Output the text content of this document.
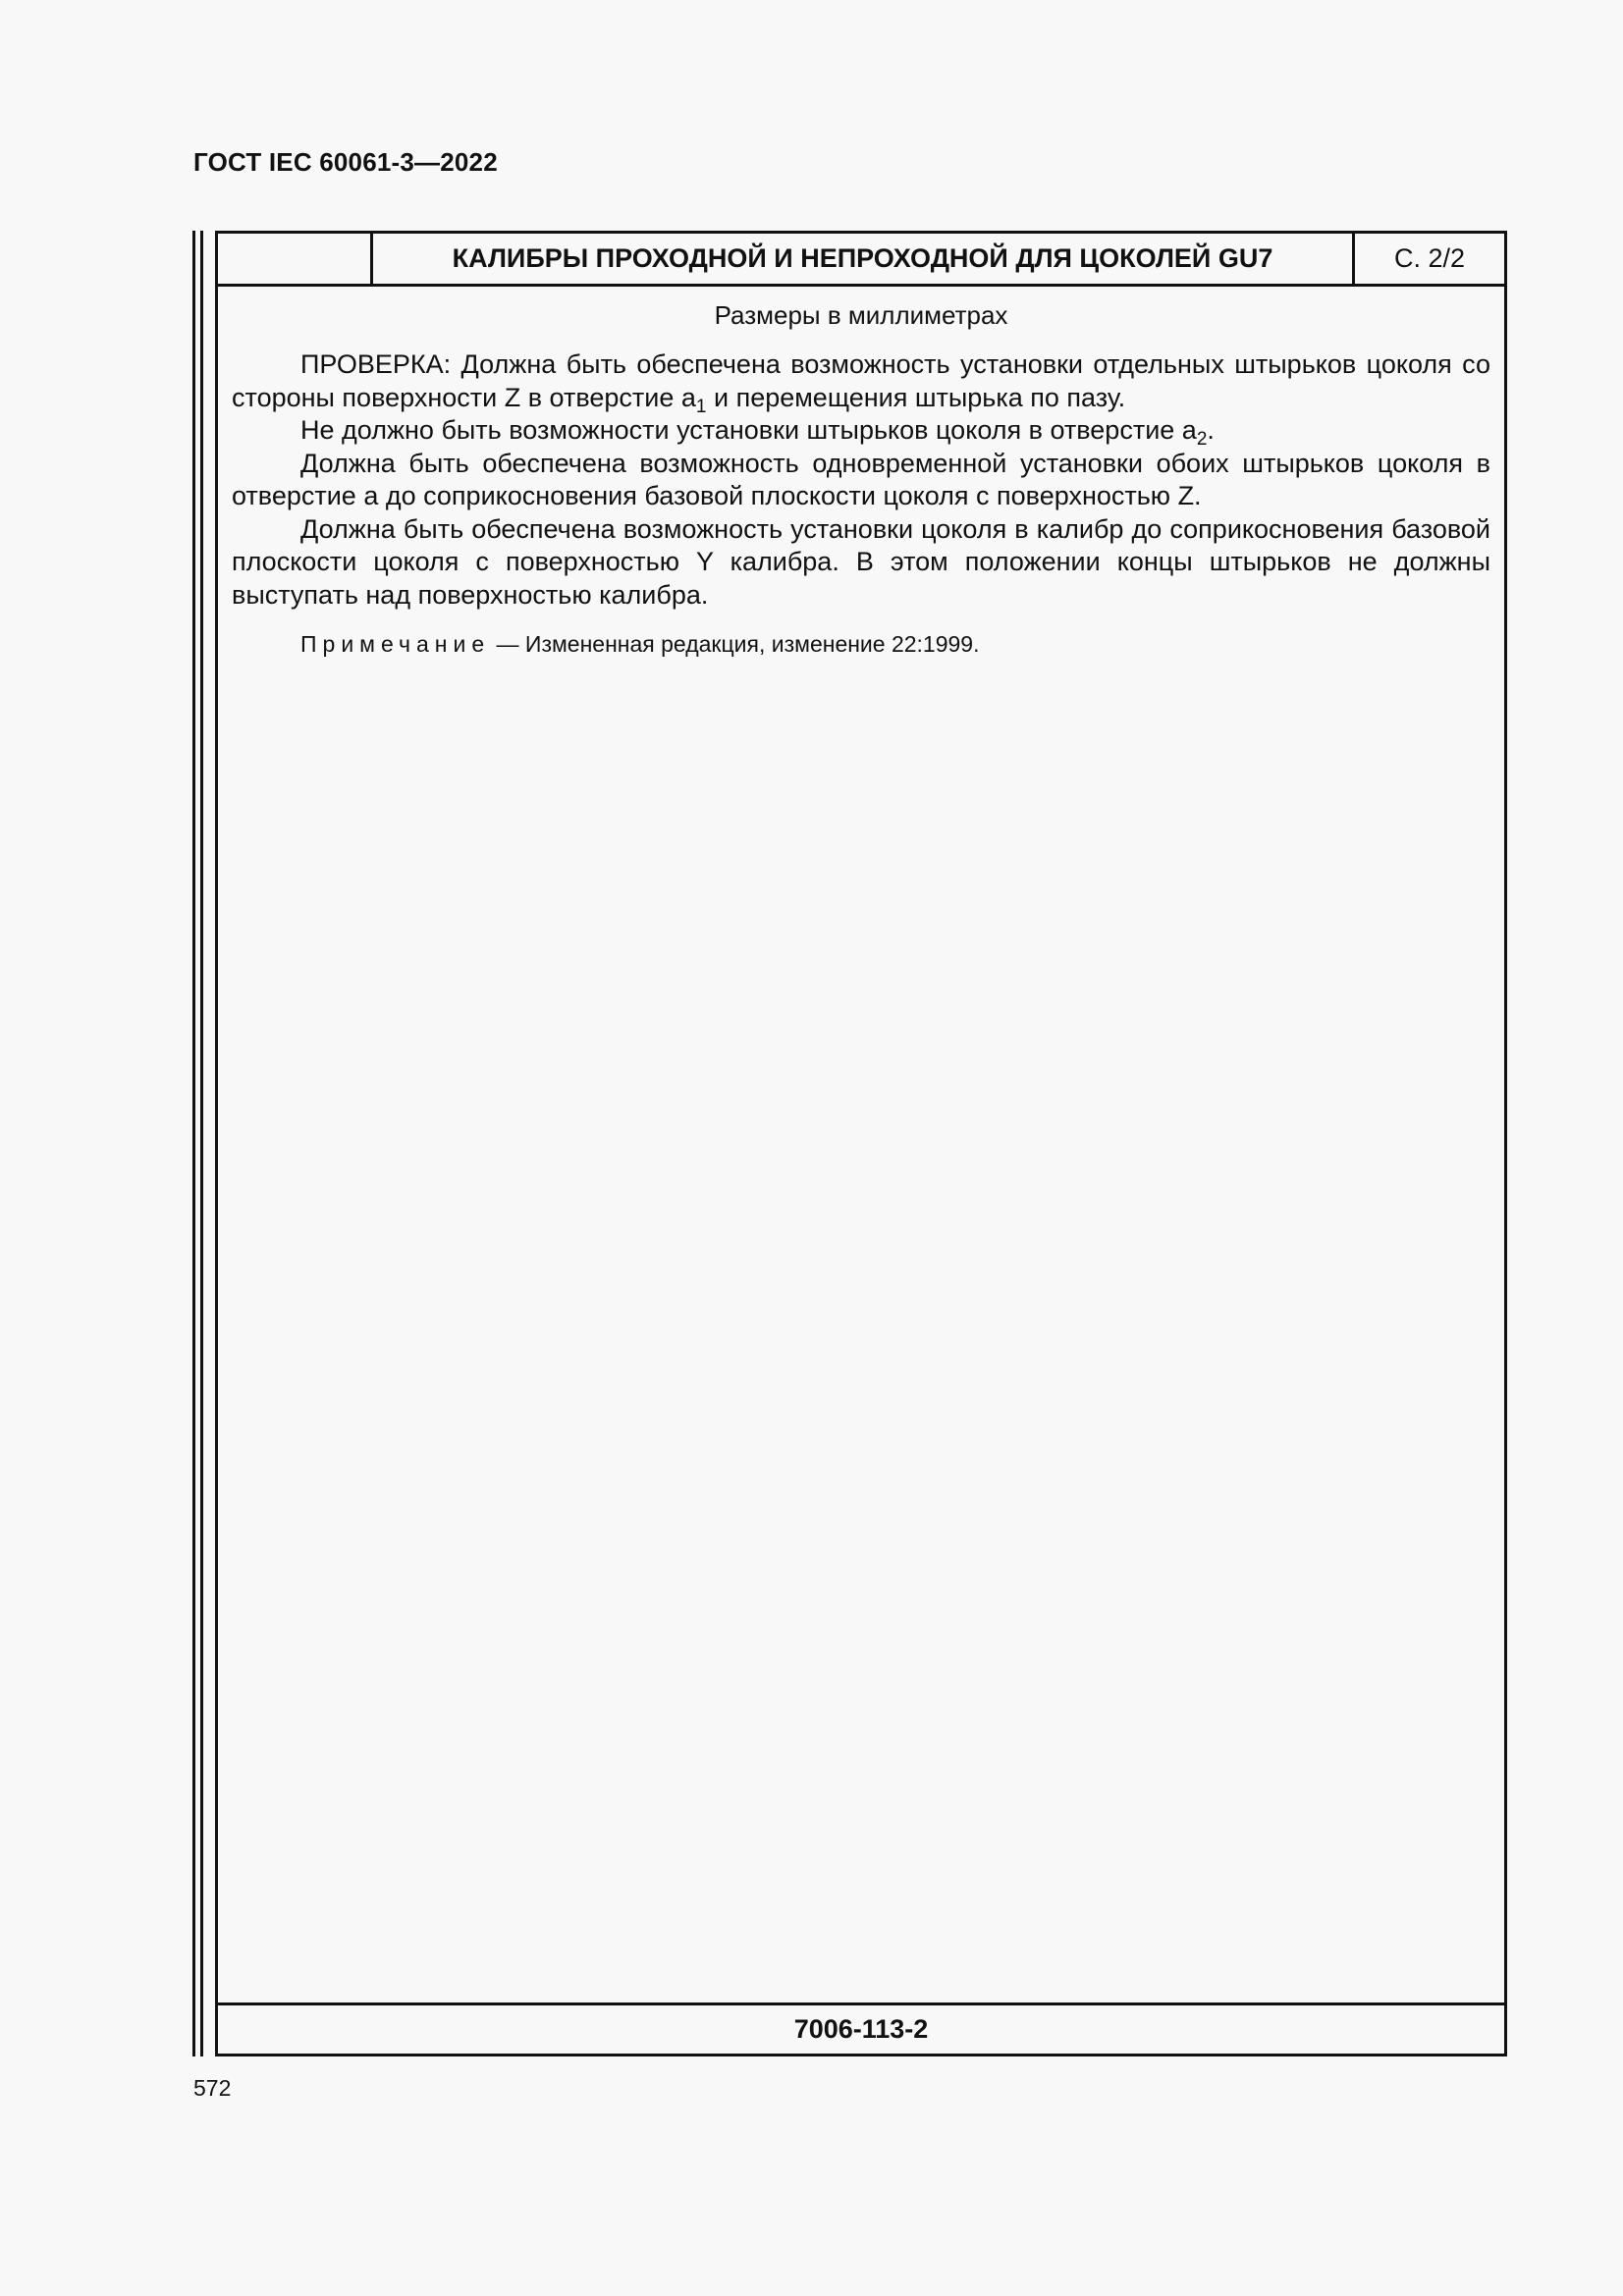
ГОСТ IEC 60061-3—2022
КАЛИБРЫ ПРОХОДНОЙ И НЕПРОХОДНОЙ ДЛЯ ЦОКОЛЕЙ GU7	С. 2/2

Размеры в миллиметрах

ПРОВЕРКА: Должна быть обеспечена возможность установки отдельных штырьков цоколя со стороны поверхности Z в отверстие $a_1$ и перемещения штырька по пазу.

Не должно быть возможности установки штырьков цоколя в отверстие $a_2$.

Должна быть обеспечена возможность одновременной установки обоих штырьков цоколя в отверстие a до соприкосновения базовой плоскости цоколя с поверхностью Z.

Должна быть обеспечена возможность установки цоколя в калибр до соприкосновения базовой плоскости цоколя с поверхностью Y калибра. В этом положении концы штырьков не должны выступать над поверхностью калибра.

Примечание — Измененная редакция, изменение 22:1999.

7006-113-2
572
